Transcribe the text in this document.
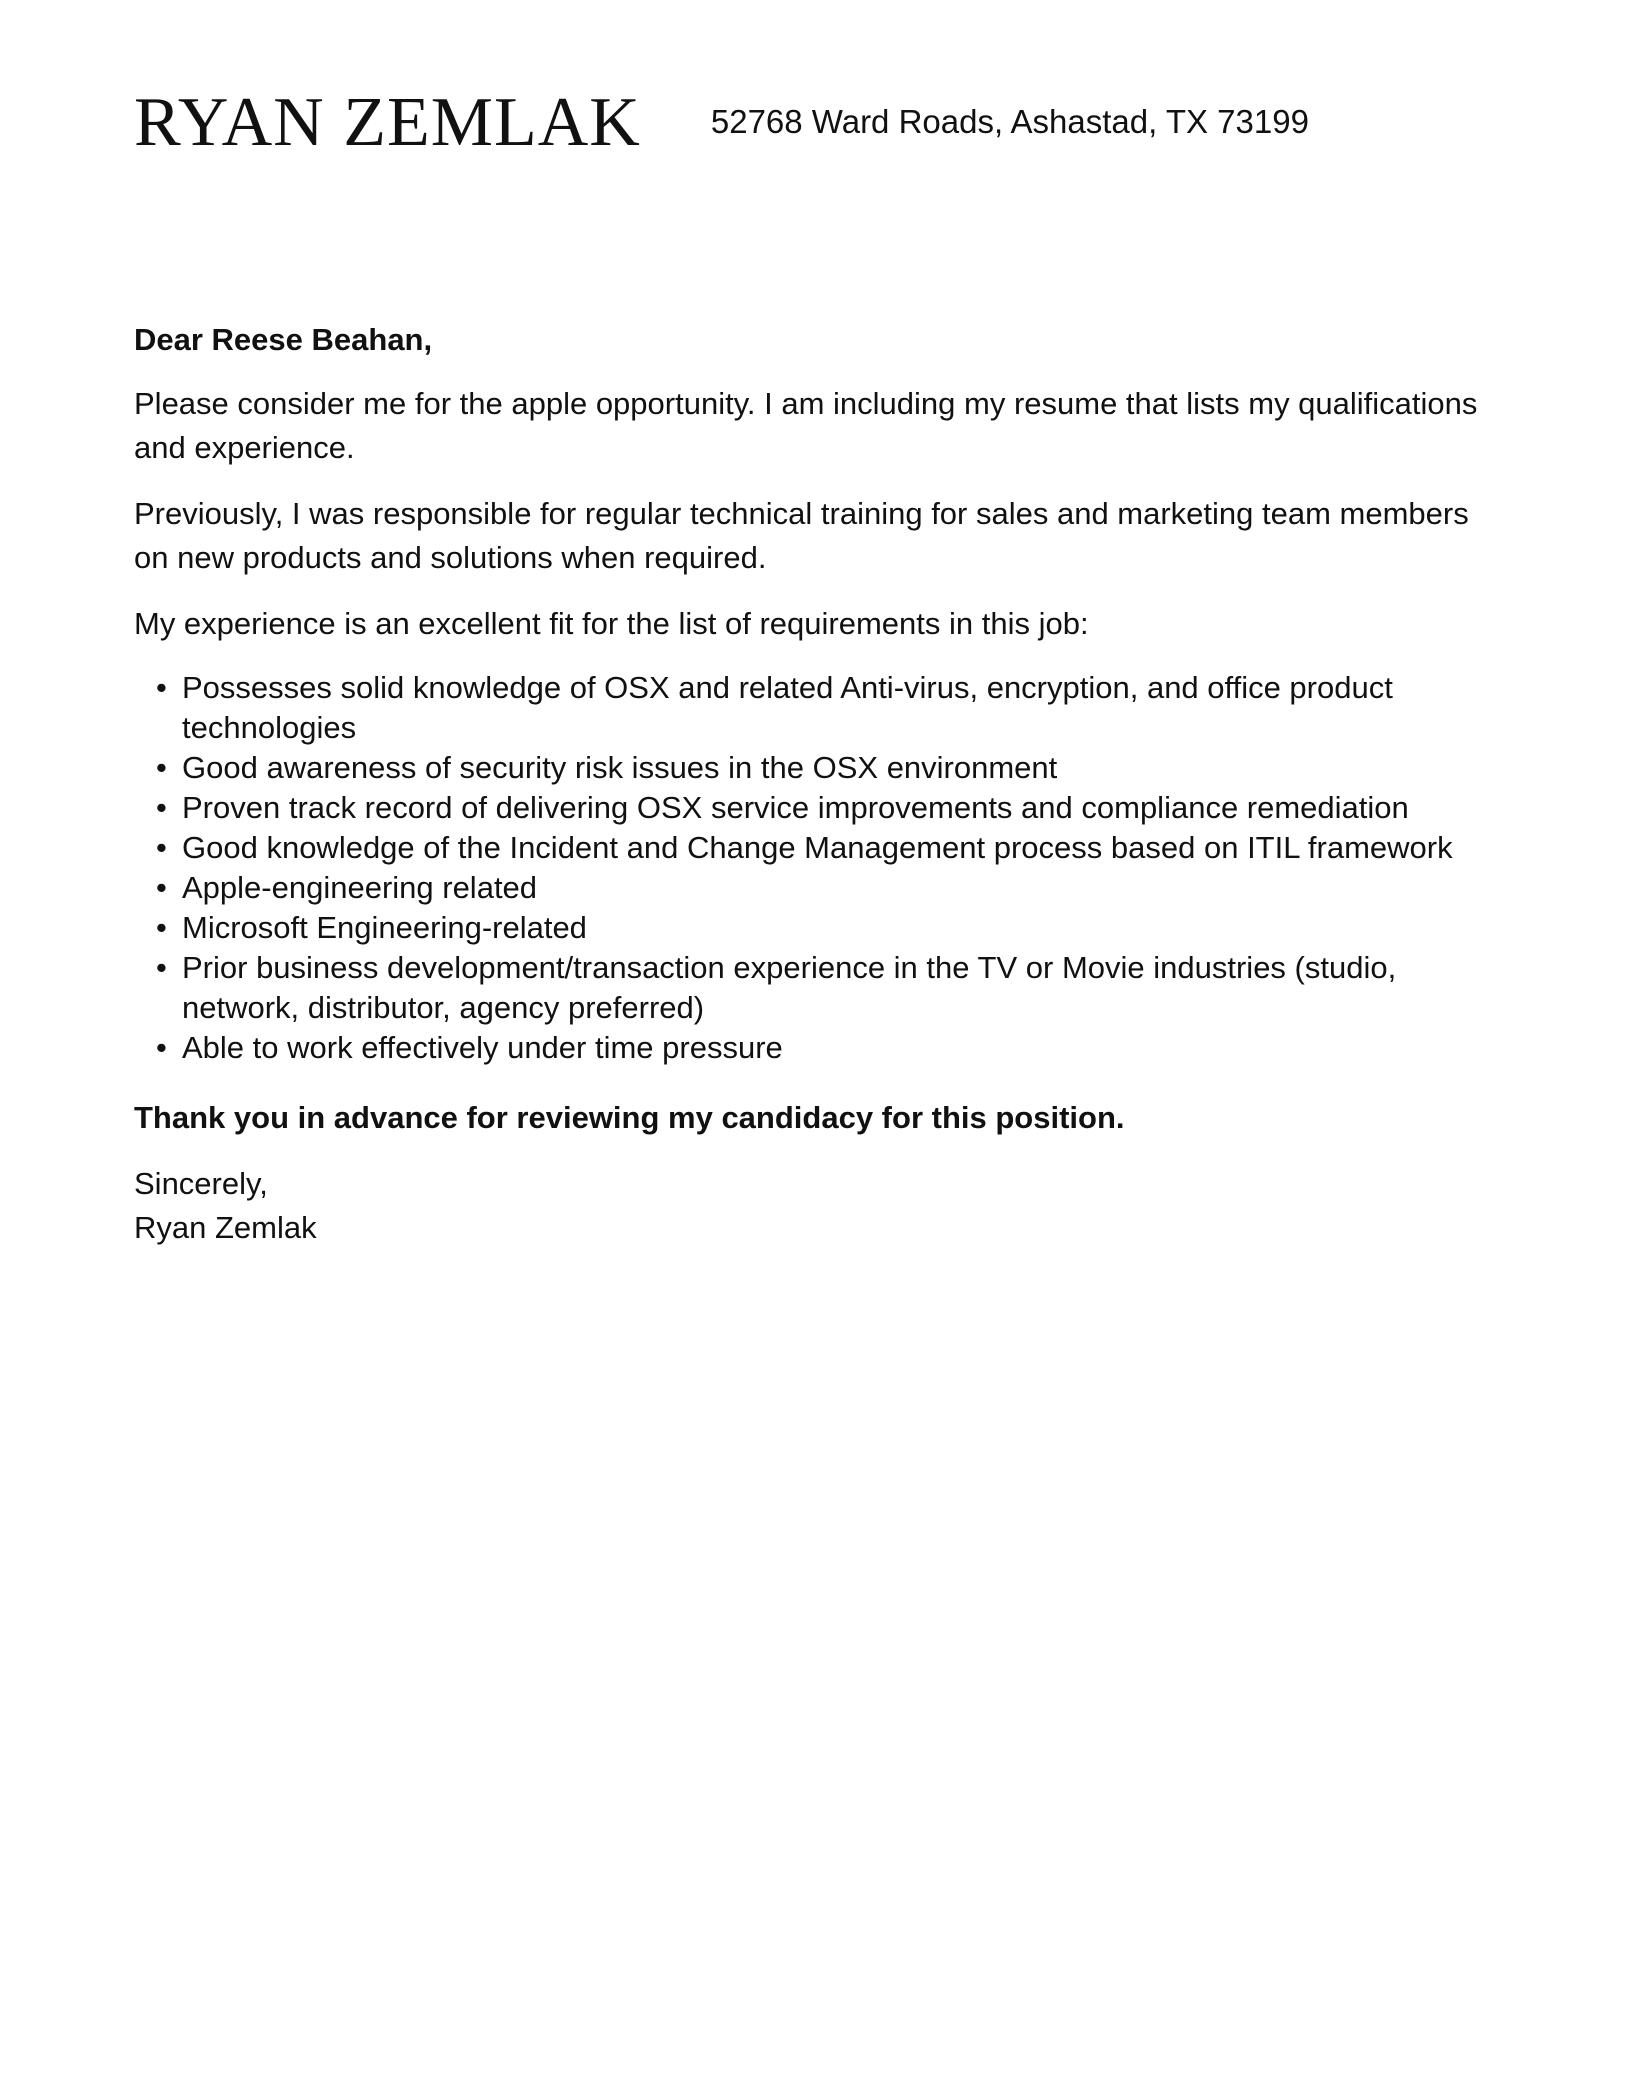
RYAN ZEMLAK 52768 Ward Roads, Ashastad, TX 73199

Dear Reese Beahan,

Please consider me for the apple opportunity. I am including my resume that lists my qualifications and experience.

Previously, I was responsible for regular technical training for sales and marketing team members on new products and solutions when required.

My experience is an excellent fit for the list of requirements in this job:

• Possesses solid knowledge of OSX and related Anti-virus, encryption, and office product technologies
• Good awareness of security risk issues in the OSX environment
• Proven track record of delivering OSX service improvements and compliance remediation
• Good knowledge of the Incident and Change Management process based on ITIL framework
• Apple-engineering related
• Microsoft Engineering-related
• Prior business development/transaction experience in the TV or Movie industries (studio, network, distributor, agency preferred)
• Able to work effectively under time pressure

Thank you in advance for reviewing my candidacy for this position.

Sincerely,

Ryan Zemlak
